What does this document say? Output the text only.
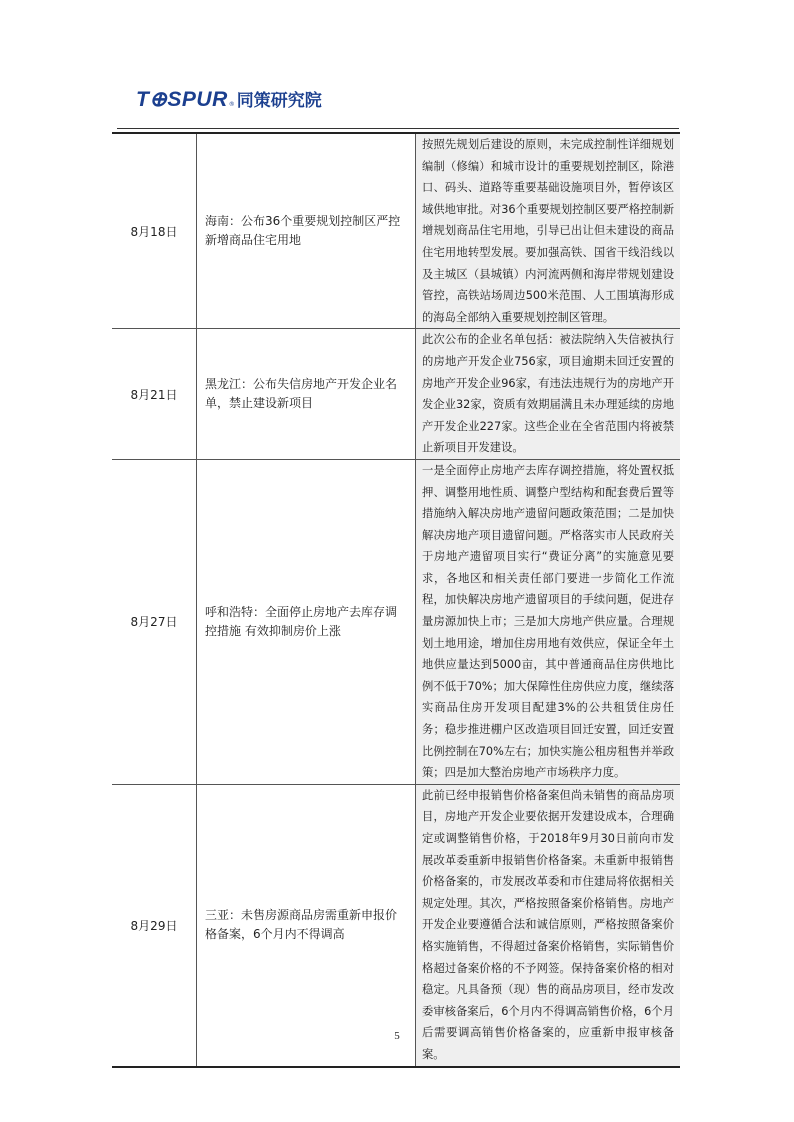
T⊕SPUR ® 同策研究院
8月18日	海南：公布36个重要规划控制区严控新增商品住宅用地	按照先规划后建设的原则，未完成控制性详细规划编制（修编）和城市设计的重要规划控制区，除港口、码头、道路等重要基础设施项目外，暂停该区域供地审批。对36个重要规划控制区要严格控制新增规划商品住宅用地，引导已出让但未建设的商品住宅用地转型发展。要加强高铁、国省干线沿线以及主城区（县城镇）内河流两侧和海岸带规划建设管控，高铁站场周边500米范围、人工围填海形成的海岛全部纳入重要规划控制区管理。
8月21日	黑龙江：公布失信房地产开发企业名单，禁止建设新项目	此次公布的企业名单包括：被法院纳入失信被执行的房地产开发企业756家，项目逾期未回迁安置的房地产开发企业96家，有违法违规行为的房地产开发企业32家，资质有效期届满且未办理延续的房地产开发企业227家。这些企业在全省范围内将被禁止新项目开发建设。
8月27日	呼和浩特：全面停止房地产去库存调控措施 有效抑制房价上涨	一是全面停止房地产去库存调控措施，将处置权抵押、调整用地性质、调整户型结构和配套费后置等措施纳入解决房地产遗留问题政策范围；二是加快解决房地产项目遗留问题。严格落实市人民政府关于房地产遗留项目实行“费证分离”的实施意见要求，各地区和相关责任部门要进一步简化工作流程，加快解决房地产遗留项目的手续问题，促进存量房源加快上市；三是加大房地产供应量。合理规划土地用途，增加住房用地有效供应，保证全年土地供应量达到5000亩，其中普通商品住房供地比例不低于70%；加大保障性住房供应力度，继续落实商品住房开发项目配建3%的公共租赁住房任务；稳步推进棚户区改造项目回迁安置，回迁安置比例控制在70%左右；加快实施公租房租售并举政策；四是加大整治房地产市场秩序力度。
8月29日	三亚：未售房源商品房需重新申报价格备案，6个月内不得调高	此前已经申报销售价格备案但尚未销售的商品房项目，房地产开发企业要依据开发建设成本，合理确定或调整销售价格，于2018年9月30日前向市发展改革委重新申报销售价格备案。未重新申报销售价格备案的，市发展改革委和市住建局将依据相关规定处理。其次，严格按照备案价格销售。房地产开发企业要遵循合法和诚信原则，严格按照备案价格实施销售，不得超过备案价格销售，实际销售价格超过备案价格的不予网签。保持备案价格的相对稳定。凡具备预（现）售的商品房项目，经市发改委审核备案后，6个月内不得调高销售价格，6个月后需要调高销售价格备案的，应重新申报审核备案。
5
